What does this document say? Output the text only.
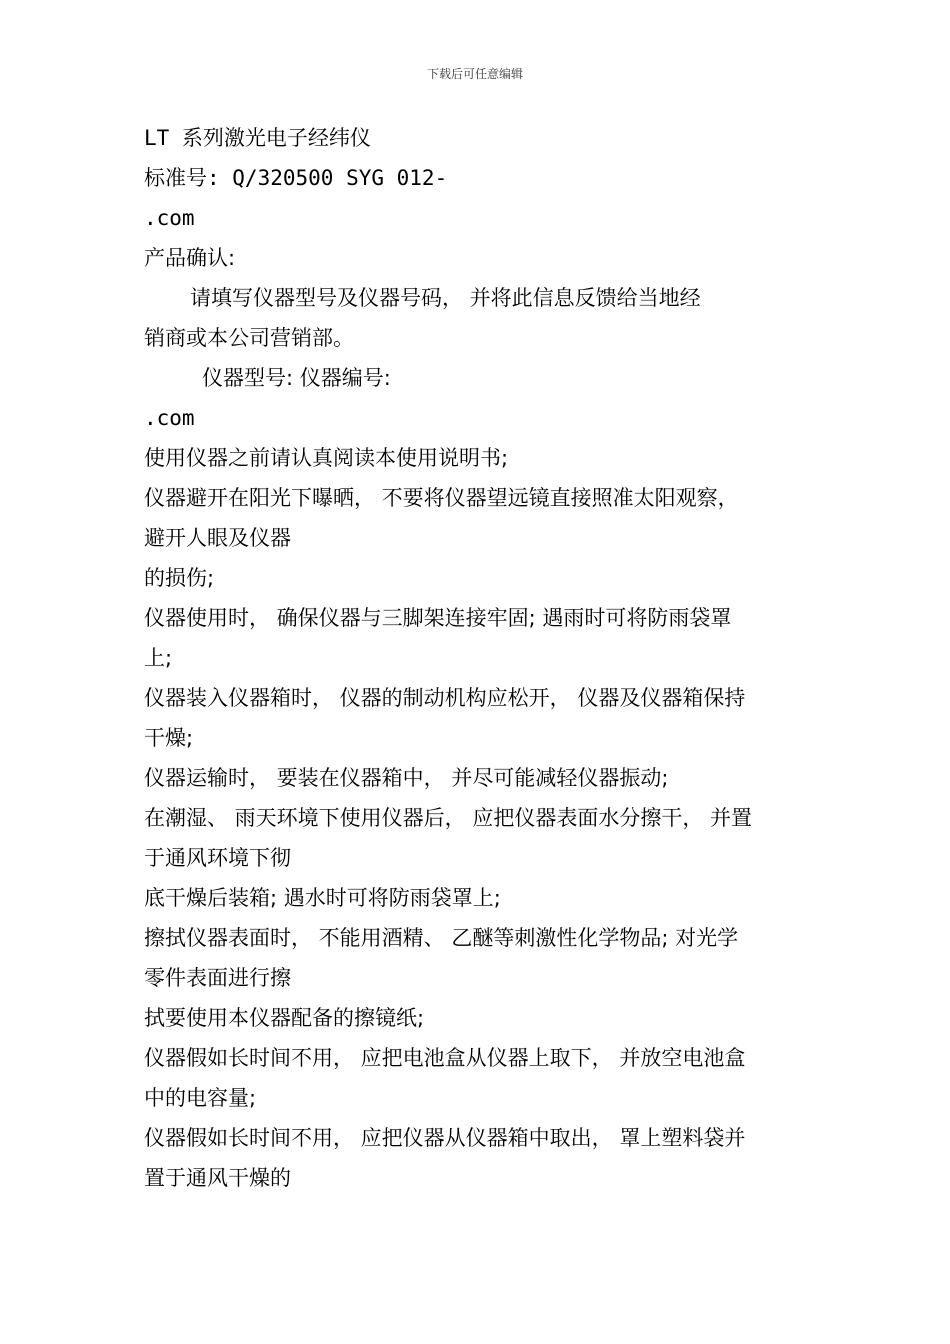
下载后可任意编辑
LT 系列激光电子经纬仪
标准号: Q/320500 SYG 012-
.com
产品确认:
请填写仪器型号及仪器号码， 并将此信息反馈给当地经
销商或本公司营销部。
仪器型号: 仪器编号:
.com
使用仪器之前请认真阅读本使用说明书;
仪器避开在阳光下曝晒， 不要将仪器望远镜直接照准太阳观察，
避开人眼及仪器
的损伤;
仪器使用时， 确保仪器与三脚架连接牢固; 遇雨时可将防雨袋罩
上;
仪器装入仪器箱时， 仪器的制动机构应松开， 仪器及仪器箱保持
干燥;
仪器运输时， 要装在仪器箱中， 并尽可能减轻仪器振动;
在潮湿、 雨天环境下使用仪器后， 应把仪器表面水分擦干， 并置
于通风环境下彻
底干燥后装箱; 遇水时可将防雨袋罩上;
擦拭仪器表面时， 不能用酒精、 乙醚等刺激性化学物品; 对光学
零件表面进行擦
拭要使用本仪器配备的擦镜纸;
仪器假如长时间不用， 应把电池盒从仪器上取下， 并放空电池盒
中的电容量;
仪器假如长时间不用， 应把仪器从仪器箱中取出， 罩上塑料袋并
置于通风干燥的
